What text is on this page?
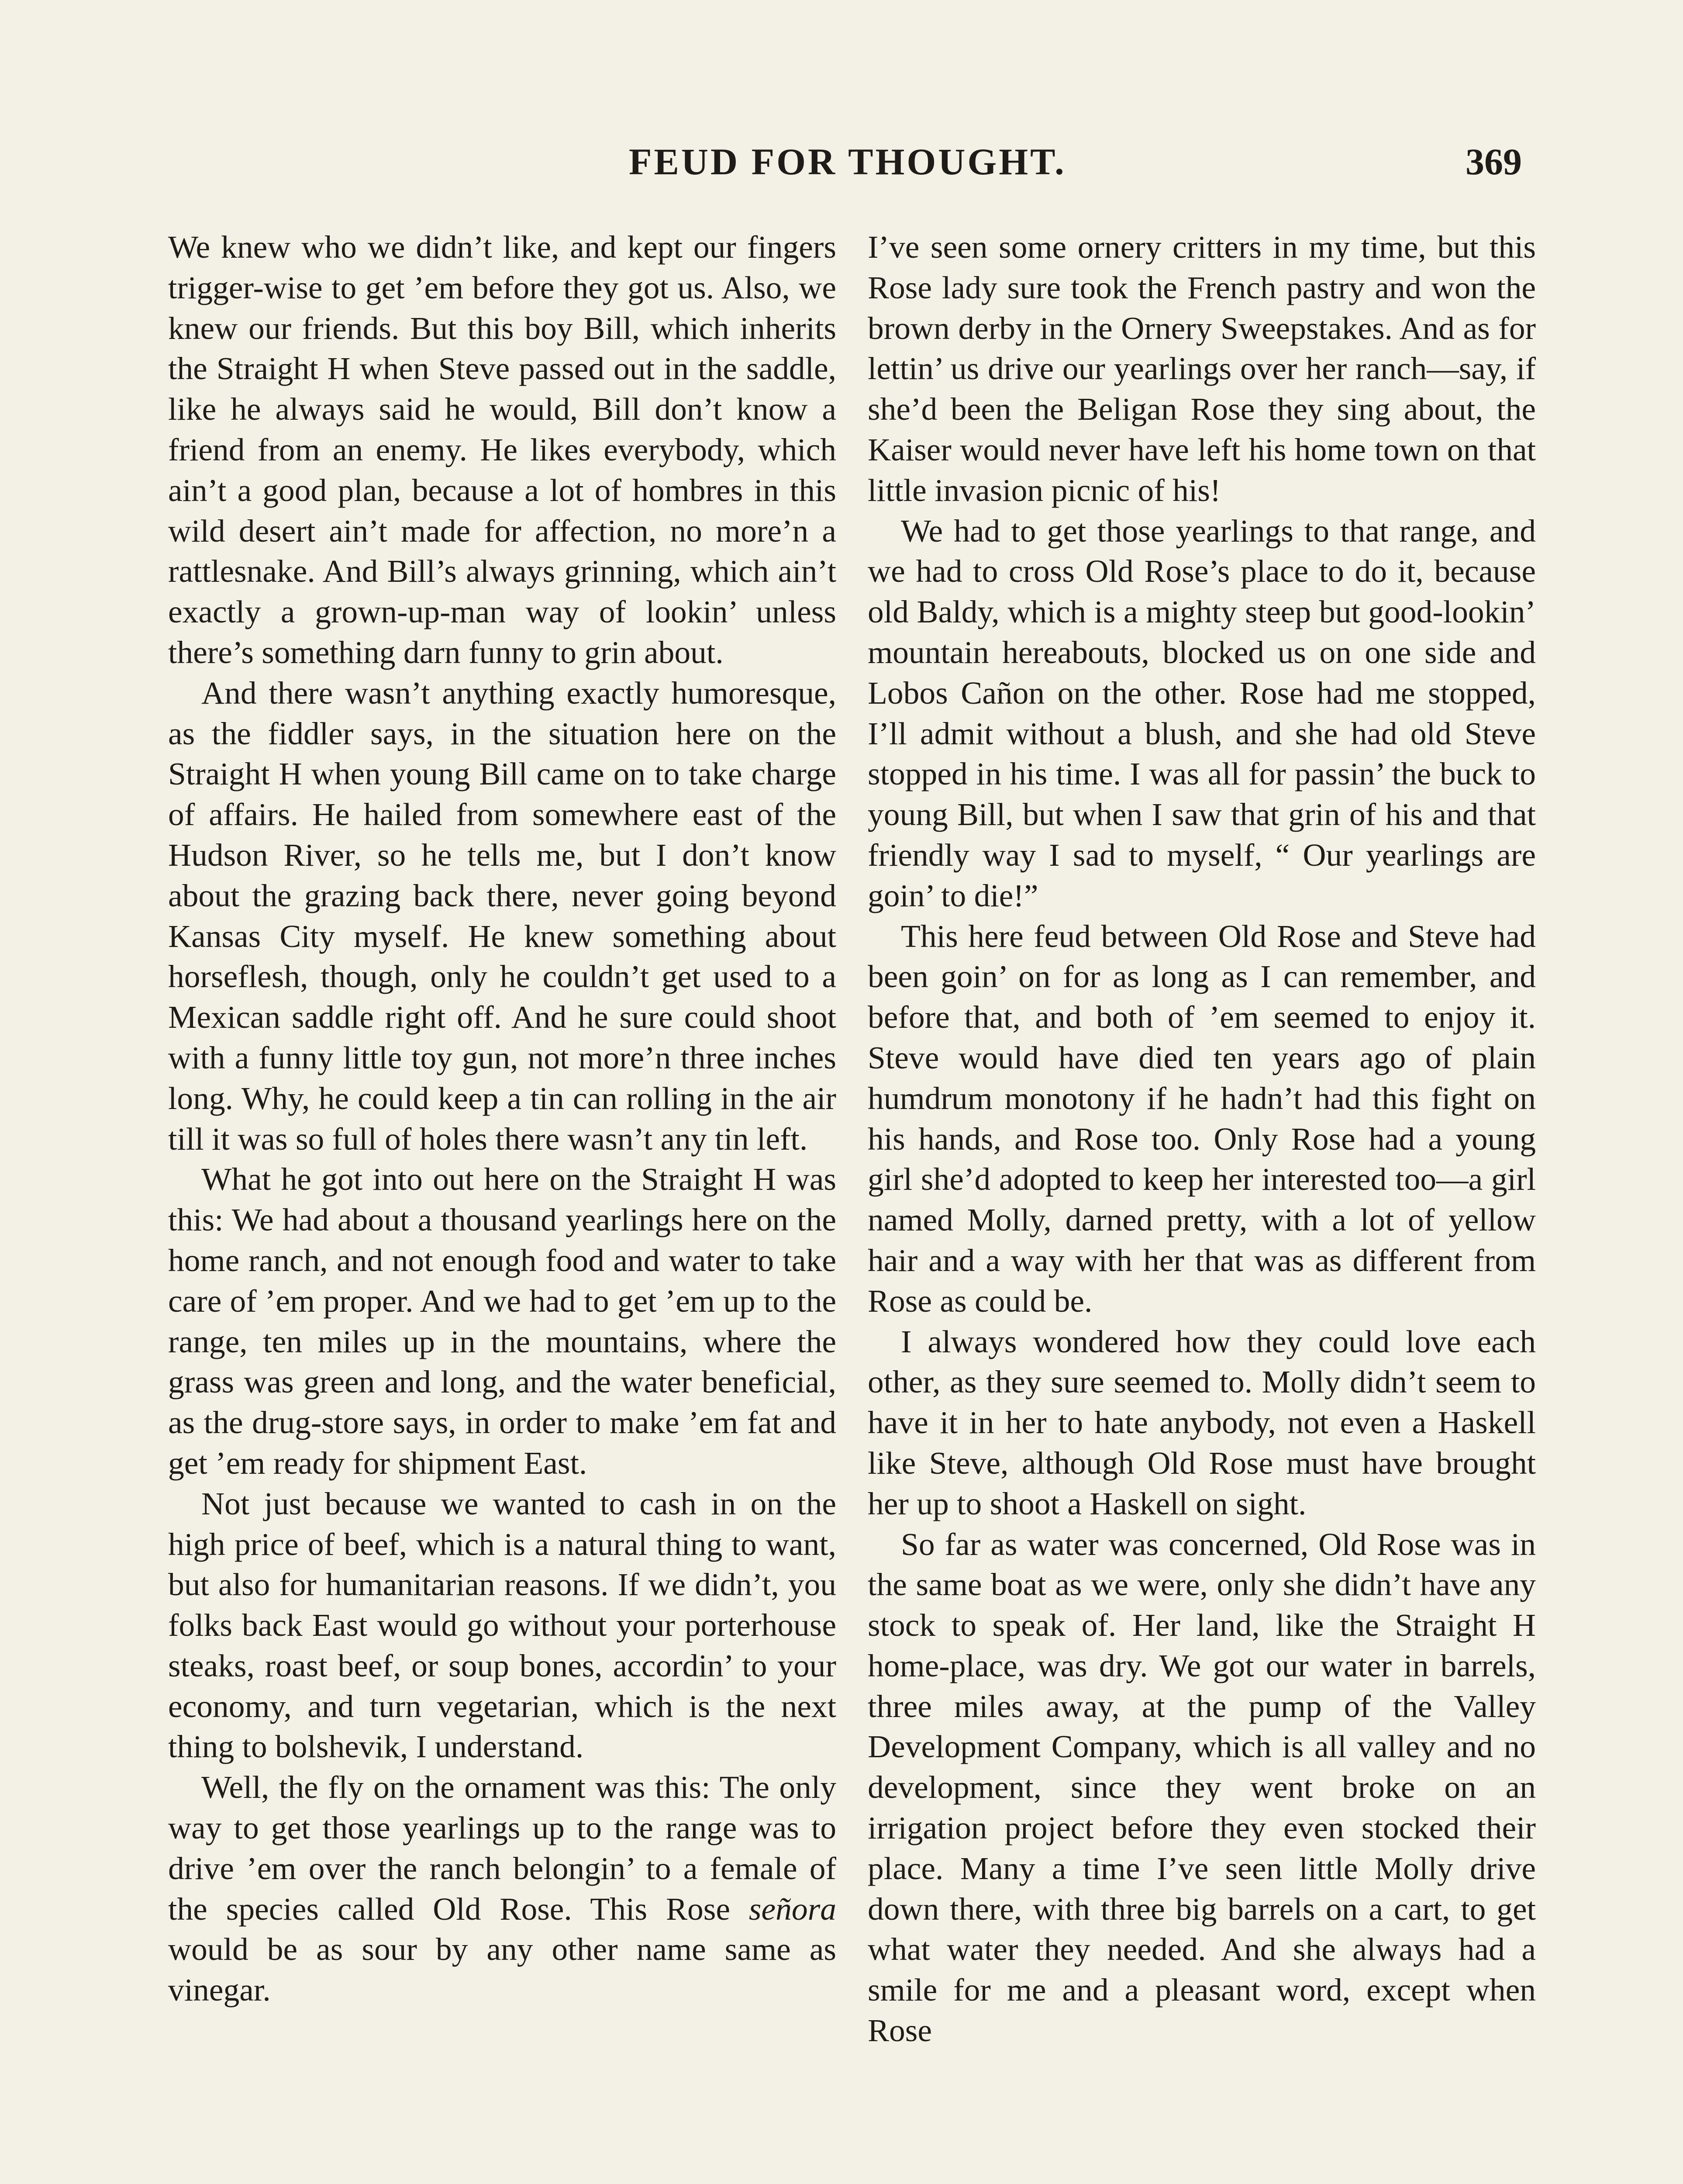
FEUD FOR THOUGHT.	369

We knew who we didn’t like, and kept our fingers trigger-wise to get ’em before they got us. Also, we knew our friends. But this boy Bill, which inherits the Straight H when Steve passed out in the saddle, like he always said he would, Bill don’t know a friend from an enemy. He likes everybody, which ain’t a good plan, because a lot of hombres in this wild desert ain’t made for affection, no more’n a rattlesnake. And Bill’s always grinning, which ain’t exactly a grown-up-man way of lookin’ unless there’s something darn funny to grin about.

And there wasn’t anything exactly humoresque, as the fiddler says, in the situation here on the Straight H when young Bill came on to take charge of affairs. He hailed from somewhere east of the Hudson River, so he tells me, but I don’t know about the grazing back there, never going beyond Kansas City myself. He knew something about horseflesh, though, only he couldn’t get used to a Mexican saddle right off. And he sure could shoot with a funny little toy gun, not more’n three inches long. Why, he could keep a tin can rolling in the air till it was so full of holes there wasn’t any tin left.

What he got into out here on the Straight H was this: We had about a thousand yearlings here on the home ranch, and not enough food and water to take care of ’em proper. And we had to get ’em up to the range, ten miles up in the mountains, where the grass was green and long, and the water beneficial, as the drug-store says, in order to make ’em fat and get ’em ready for shipment East.

Not just because we wanted to cash in on the high price of beef, which is a natural thing to want, but also for humanitarian reasons. If we didn’t, you folks back East would go without your porterhouse steaks, roast beef, or soup bones, accordin’ to your economy, and turn vegetarian, which is the next thing to bolshevik, I understand.

Well, the fly on the ornament was this: The only way to get those yearlings up to the range was to drive ’em over the ranch belongin’ to a female of the species called Old Rose. This Rose señora would be as sour by any other name same as vinegar.

I’ve seen some ornery critters in my time, but this Rose lady sure took the French pastry and won the brown derby in the Ornery Sweepstakes. And as for lettin’ us drive our yearlings over her ranch—say, if she’d been the Beligan Rose they sing about, the Kaiser would never have left his home town on that little invasion picnic of his!

We had to get those yearlings to that range, and we had to cross Old Rose’s place to do it, because old Baldy, which is a mighty steep but good-lookin’ mountain hereabouts, blocked us on one side and Lobos Cañon on the other. Rose had me stopped, I’ll admit without a blush, and she had old Steve stopped in his time. I was all for passin’ the buck to young Bill, but when I saw that grin of his and that friendly way I sad to myself, “ Our yearlings are goin’ to die!”

This here feud between Old Rose and Steve had been goin’ on for as long as I can remember, and before that, and both of ’em seemed to enjoy it. Steve would have died ten years ago of plain humdrum monotony if he hadn’t had this fight on his hands, and Rose too. Only Rose had a young girl she’d adopted to keep her interested too—a girl named Molly, darned pretty, with a lot of yellow hair and a way with her that was as different from Rose as could be.

I always wondered how they could love each other, as they sure seemed to. Molly didn’t seem to have it in her to hate anybody, not even a Haskell like Steve, although Old Rose must have brought her up to shoot a Haskell on sight.

So far as water was concerned, Old Rose was in the same boat as we were, only she didn’t have any stock to speak of. Her land, like the Straight H home-place, was dry. We got our water in barrels, three miles away, at the pump of the Valley Development Company, which is all valley and no development, since they went broke on an irrigation project before they even stocked their place. Many a time I’ve seen little Molly drive down there, with three big barrels on a cart, to get what water they needed. And she always had a smile for me and a pleasant word, except when Rose
